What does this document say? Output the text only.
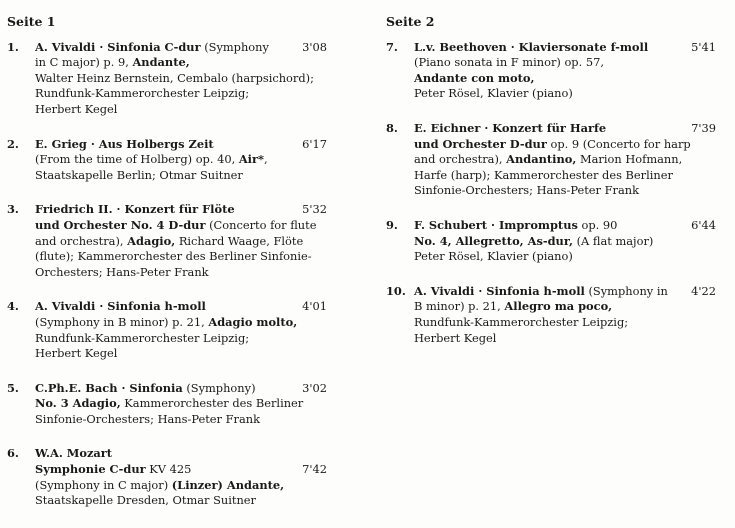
Seite 1
1. A. Vivaldi · Sinfonia C-dur (Symphony	3'08
in C major) p. 9, Andante,
Walter Heinz Bernstein, Cembalo (harpsichord);
Rundfunk-Kammerorchester Leipzig;
Herbert Kegel
2. E. Grieg · Aus Holbergs Zeit	6'17
(From the time of Holberg) op. 40, Air*,
Staatskapelle Berlin; Otmar Suitner
3. Friedrich II. · Konzert für Flöte	5'32
und Orchester No. 4 D-dur (Concerto for flute
and orchestra), Adagio, Richard Waage, Flöte
(flute); Kammerorchester des Berliner Sinfonie-
Orchesters; Hans-Peter Frank
4. A. Vivaldi · Sinfonia h-moll	4'01
(Symphony in B minor) p. 21, Adagio molto,
Rundfunk-Kammerorchester Leipzig;
Herbert Kegel
5. C.Ph.E. Bach · Sinfonia (Symphony)	3'02
No. 3 Adagio, Kammerorchester des Berliner
Sinfonie-Orchesters; Hans-Peter Frank
6. W.A. Mozart
Symphonie C-dur KV 425	7'42
(Symphony in C major) (Linzer) Andante,
Staatskapelle Dresden, Otmar Suitner
Seite 2
7. L.v. Beethoven · Klaviersonate f-moll	5'41
(Piano sonata in F minor) op. 57,
Andante con moto,
Peter Rösel, Klavier (piano)
8. E. Eichner · Konzert für Harfe	7'39
und Orchester D-dur op. 9 (Concerto for harp
and orchestra), Andantino, Marion Hofmann,
Harfe (harp); Kammerorchester des Berliner
Sinfonie-Orchesters; Hans-Peter Frank
9. F. Schubert · Impromptus op. 90	6'44
No. 4, Allegretto, As-dur, (A flat major)
Peter Rösel, Klavier (piano)
10. A. Vivaldi · Sinfonia h-moll (Symphony in 4'22
B minor) p. 21, Allegro ma poco,
Rundfunk-Kammerorchester Leipzig;
Herbert Kegel
